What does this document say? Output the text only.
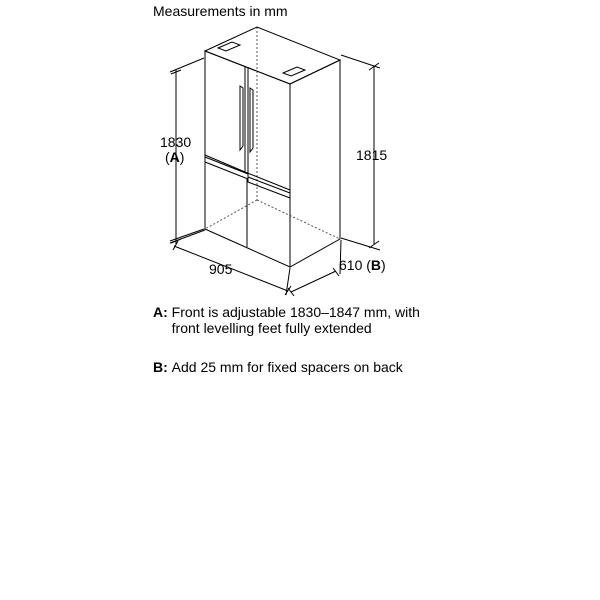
Measurements in mm
1830
(A)	1815
905	610 (B)
A: Front is adjustable 1830–1847 mm, with
front levelling feet fully extended
B: Add 25 mm for fixed spacers on back
